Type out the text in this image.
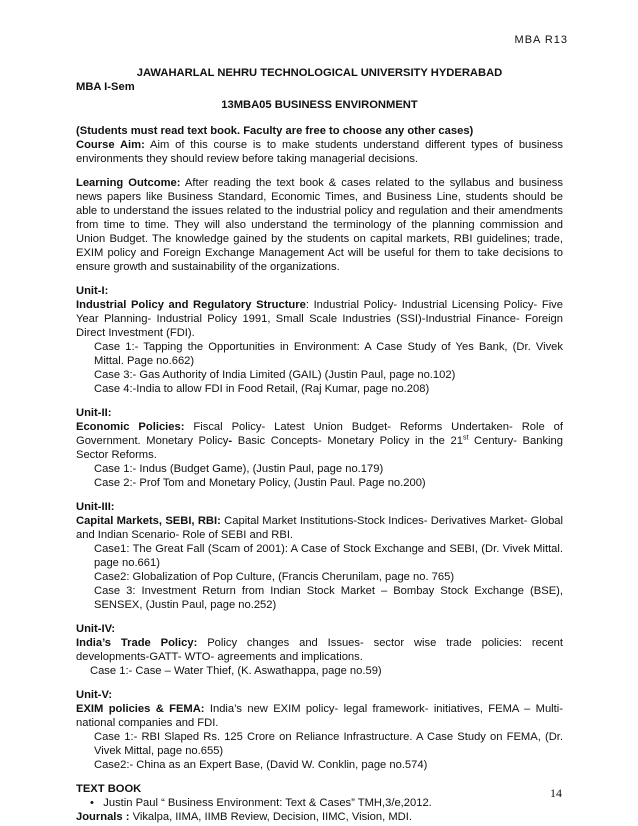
MBA R13

JAWAHARLAL NEHRU TECHNOLOGICAL UNIVERSITY HYDERABAD

MBA I-Sem

13MBA05 BUSINESS ENVIRONMENT

(Students must read text book. Faculty are free to choose any other cases)

Course Aim: Aim of this course is to make students understand different types of business environments they should review before taking managerial decisions.

Learning Outcome: After reading the text book & cases related to the syllabus and business news papers like Business Standard, Economic Times, and Business Line, students should be able to understand the issues related to the industrial policy and regulation and their amendments from time to time. They will also understand the terminology of the planning commission and Union Budget. The knowledge gained by the students on capital markets, RBI guidelines; trade, EXIM policy and Foreign Exchange Management Act will be useful for them to take decisions to ensure growth and sustainability of the organizations.

Unit-I:

Industrial Policy and Regulatory Structure: Industrial Policy- Industrial Licensing Policy- Five Year Planning- Industrial Policy 1991, Small Scale Industries (SSI)-Industrial Finance- Foreign Direct Investment (FDI).

Case 1:- Tapping the Opportunities in Environment: A Case Study of Yes Bank, (Dr. Vivek Mittal. Page no.662)

Case 3:- Gas Authority of India Limited (GAIL) (Justin Paul, page no.102)

Case 4:-India to allow FDI in Food Retail, (Raj Kumar, page no.208)

Unit-II:

Economic Policies: Fiscal Policy- Latest Union Budget- Reforms Undertaken- Role of Government. Monetary Policy- Basic Concepts- Monetary Policy in the 21st Century- Banking Sector Reforms.

Case 1:- Indus (Budget Game), (Justin Paul, page no.179)

Case 2:- Prof Tom and Monetary Policy, (Justin Paul. Page no.200)

Unit-III:

Capital Markets, SEBI, RBI: Capital Market Institutions-Stock Indices- Derivatives Market- Global and Indian Scenario- Role of SEBI and RBI.

Case1: The Great Fall (Scam of 2001): A Case of Stock Exchange and SEBI, (Dr. Vivek Mittal. page no.661)

Case2: Globalization of Pop Culture, (Francis Cherunilam, page no. 765)

Case 3: Investment Return from Indian Stock Market – Bombay Stock Exchange (BSE), SENSEX, (Justin Paul, page no.252)

Unit-IV:

India’s Trade Policy: Policy changes and Issues- sector wise trade policies: recent developments-GATT- WTO- agreements and implications.

Case 1:- Case – Water Thief, (K. Aswathappa, page no.59)

Unit-V:

EXIM policies & FEMA: India’s new EXIM policy- legal framework- initiatives, FEMA – Multi-national companies and FDI.

Case 1:- RBI Slaped Rs. 125 Crore on Reliance Infrastructure. A Case Study on FEMA, (Dr. Vivek Mittal, page no.655)

Case2:- China as an Expert Base, (David W. Conklin, page no.574)

TEXT BOOK

•   Justin Paul “ Business Environment: Text & Cases” TMH,3/e,2012.

Journals : Vikalpa, IIMA, IIMB Review, Decision, IIMC, Vision, MDI.

14
